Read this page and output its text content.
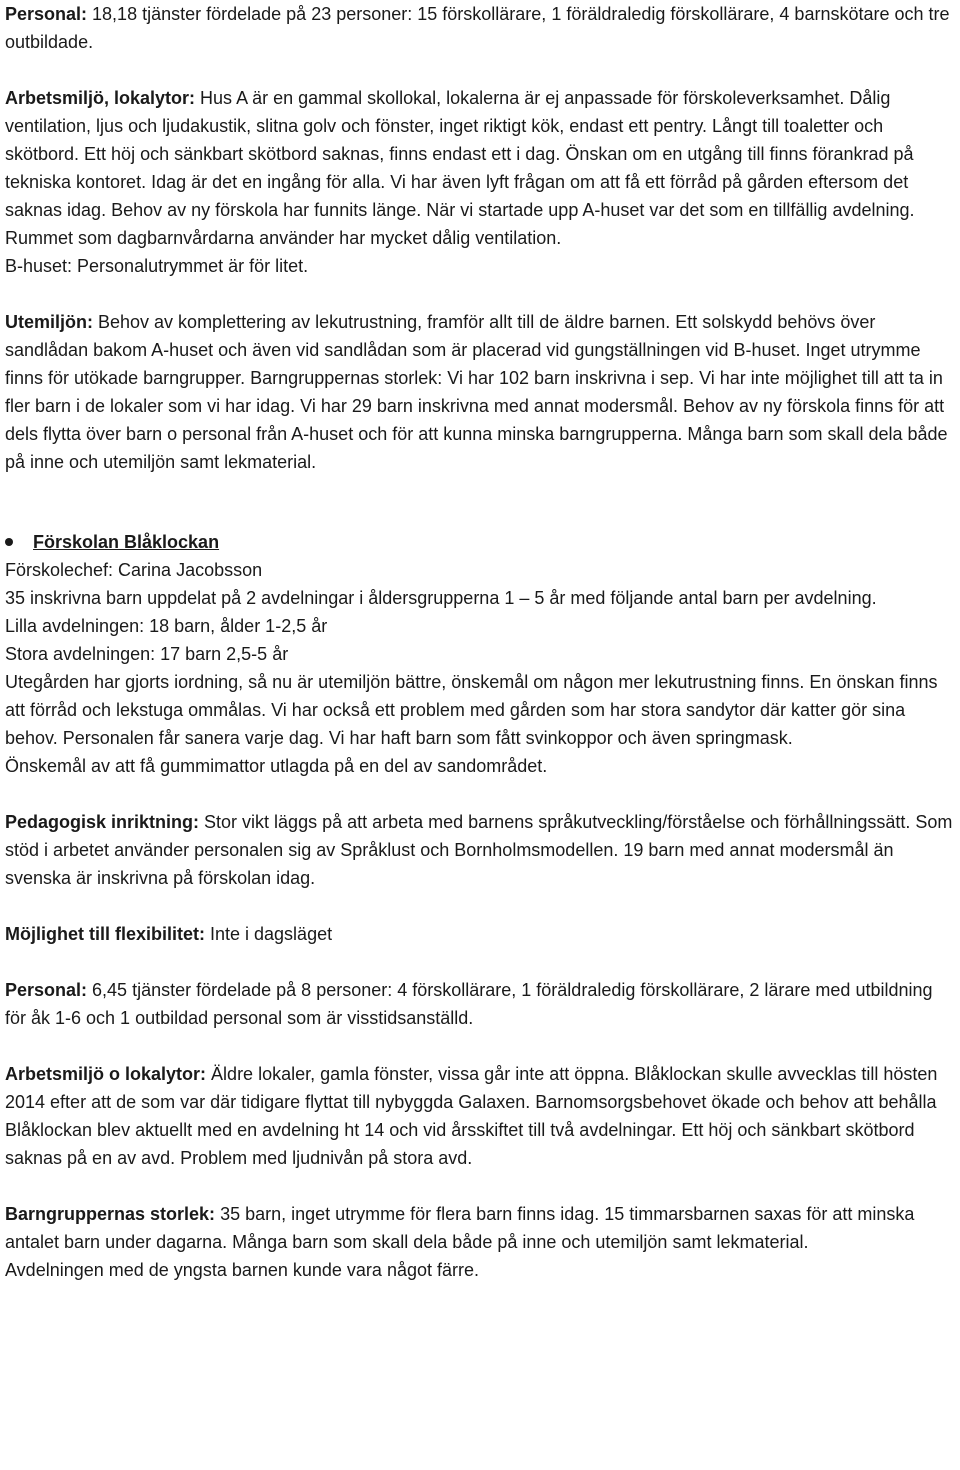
Personal: 18,18 tjänster fördelade på 23 personer: 15 förskollärare, 1 föräldraledig förskollärare, 4 barnskötare och tre outbildade.

Arbetsmiljö, lokalytor: Hus A är en gammal skollokal, lokalerna är ej anpassade för förskoleverksamhet. Dålig ventilation, ljus och ljudakustik, slitna golv och fönster, inget riktigt kök, endast ett pentry. Långt till toaletter och skötbord. Ett höj och sänkbart skötbord saknas, finns endast ett i dag. Önskan om en utgång till finns förankrad på tekniska kontoret. Idag är det en ingång för alla. Vi har även lyft frågan om att få ett förråd på gården eftersom det saknas idag. Behov av ny förskola har funnits länge. När vi startade upp A-huset var det som en tillfällig avdelning.

Rummet som dagbarnvårdarna använder har mycket dålig ventilation.

B-huset: Personalutrymmet är för litet.

Utemiljön: Behov av komplettering av lekutrustning, framför allt till de äldre barnen. Ett solskydd behövs över sandlådan bakom A-huset och även vid sandlådan som är placerad vid gungställningen vid B-huset. Inget utrymme finns för utökade barngrupper. Barngruppernas storlek: Vi har 102 barn inskrivna i sep. Vi har inte möjlighet till att ta in fler barn i de lokaler som vi har idag. Vi har 29 barn inskrivna med annat modersmål. Behov av ny förskola finns för att dels flytta över barn o personal från A-huset och för att kunna minska barngrupperna. Många barn som skall dela både på inne och utemiljön samt lekmaterial.

Förskolan Blåklockan

Förskolechef: Carina Jacobsson

35 inskrivna barn uppdelat på 2 avdelningar i åldersgrupperna 1 – 5 år med följande antal barn per avdelning.

Lilla avdelningen: 18 barn, ålder 1-2,5 år

Stora avdelningen: 17 barn 2,5-5 år

Utegården har gjorts iordning, så nu är utemiljön bättre, önskemål om någon mer lekutrustning finns. En önskan finns att förråd och lekstuga ommålas. Vi har också ett problem med gården som har stora sandytor där katter gör sina behov. Personalen får sanera varje dag. Vi har haft barn som fått svinkoppor och även springmask.

Önskemål av att få gummimattor utlagda på en del av sandområdet.

Pedagogisk inriktning: Stor vikt läggs på att arbeta med barnens språkutveckling/förståelse och förhållningssätt. Som stöd i arbetet använder personalen sig av Språklust och Bornholmsmodellen. 19 barn med annat modersmål än svenska är inskrivna på förskolan idag.

Möjlighet till flexibilitet: Inte i dagsläget

Personal: 6,45 tjänster fördelade på 8 personer: 4 förskollärare, 1 föräldraledig förskollärare, 2 lärare med utbildning för åk 1-6 och 1 outbildad personal som är visstidsanställd.

Arbetsmiljö o lokalytor: Äldre lokaler, gamla fönster, vissa går inte att öppna. Blåklockan skulle avvecklas till hösten 2014 efter att de som var där tidigare flyttat till nybyggda Galaxen. Barnomsorgsbehovet ökade och behov att behålla Blåklockan blev aktuellt med en avdelning ht 14 och vid årsskiftet till två avdelningar. Ett höj och sänkbart skötbord saknas på en av avd. Problem med ljudnivån på stora avd.

Barngruppernas storlek: 35 barn, inget utrymme för flera barn finns idag. 15 timmarsbarnen saxas för att minska antalet barn under dagarna. Många barn som skall dela både på inne och utemiljön samt lekmaterial.

Avdelningen med de yngsta barnen kunde vara något färre.
